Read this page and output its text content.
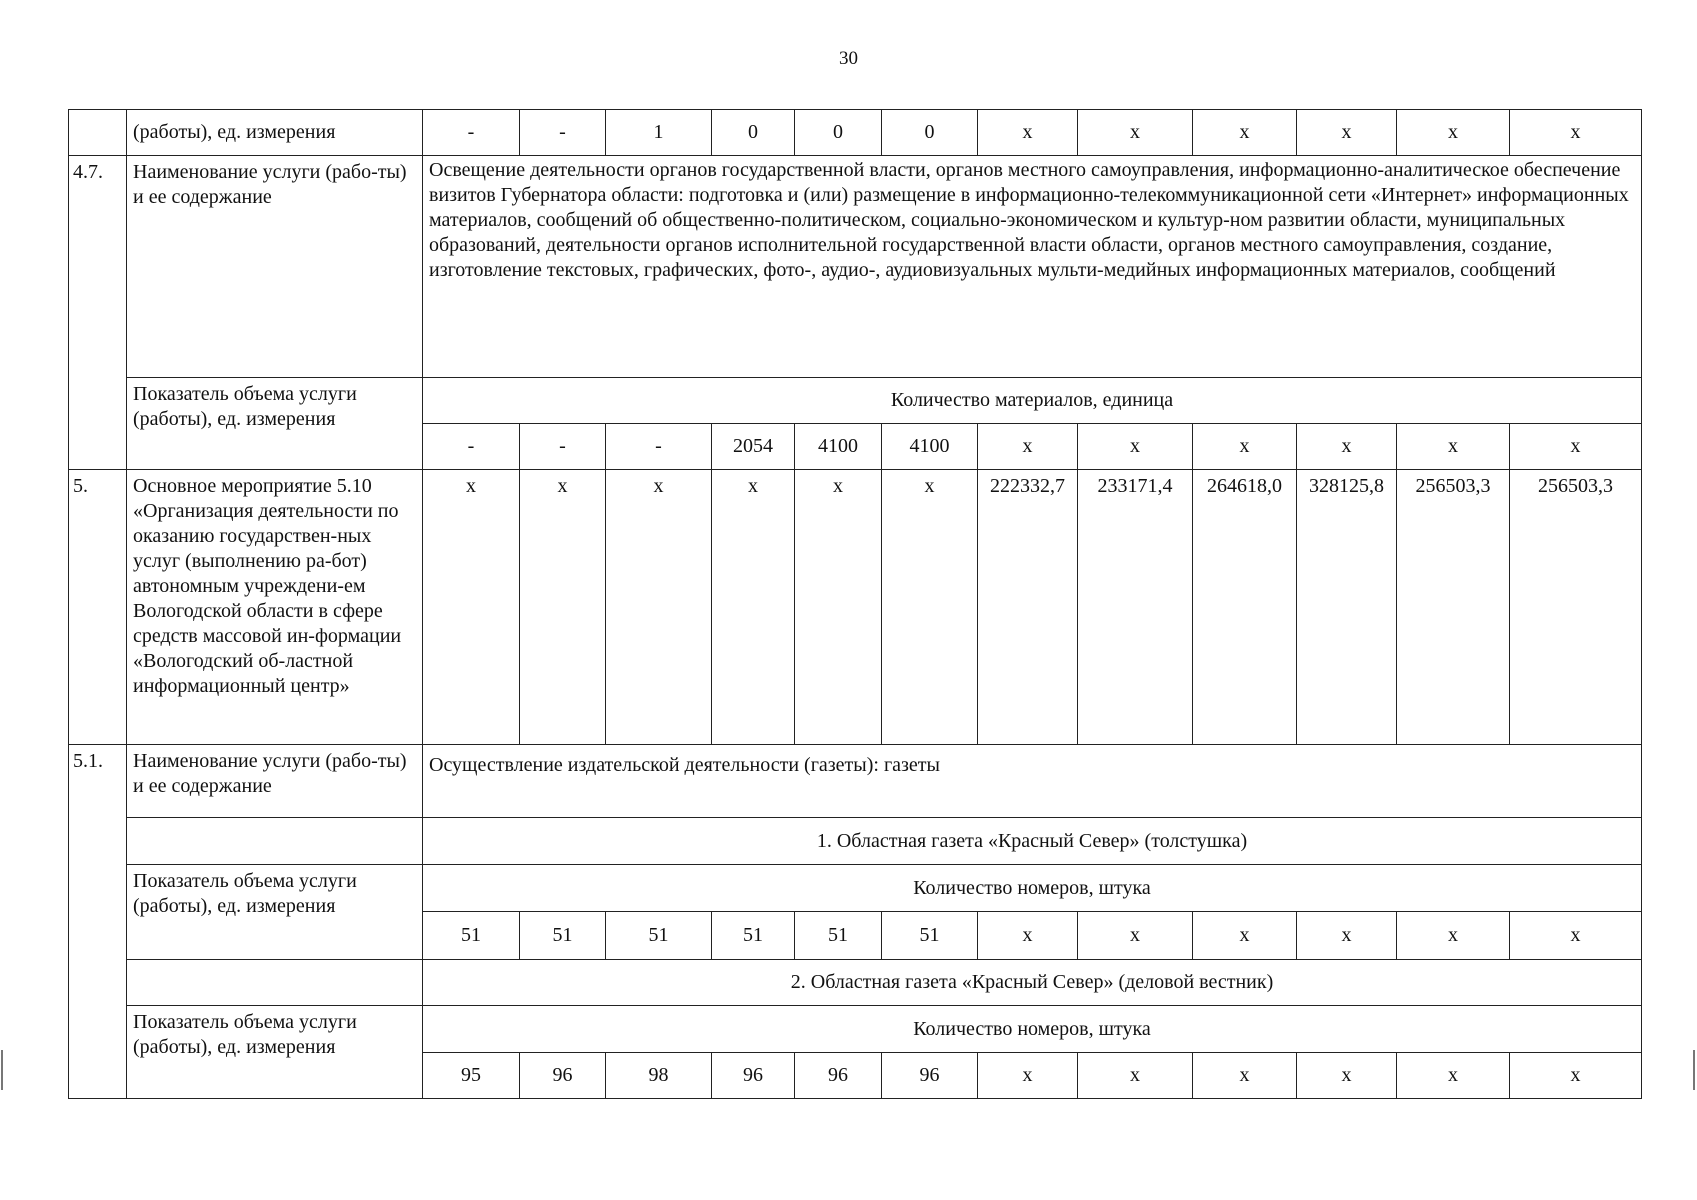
30
	(работы), ед. измерения	-	-	1	0	0	0	х	х	х	х	х	х
4.7.	Наименование услуги (рабо-ты) и ее содержание	Освещение деятельности органов государственной власти, органов местного самоуправления, информационно-аналитическое обеспечение визитов Губернатора области: подготовка и (или) размещение в информационно-телекоммуникационной сети «Интернет» информационных материалов, сообщений об общественно-политическом, социально-экономическом и культур-ном развитии области, муниципальных образований, деятельности органов исполнительной государственной власти области, органов местного самоуправления, создание, изготовление текстовых, графических, фото-, аудио-, аудиовизуальных мульти-медийных информационных материалов, сообщений											
	Показатель объема услуги (работы), ед. измерения	Количество материалов, единица											
		-	-	-	2054	4100	4100	х	х	х	х	х	х
5.	Основное мероприятие 5.10 «Организация деятельности по оказанию государствен-ных услуг (выполнению ра-бот) автономным учреждени-ем Вологодской области в сфере средств массовой ин-формации «Вологодский об-ластной информационный центр»	х	х	х	х	х	х	222332,7	233171,4	264618,0	328125,8	256503,3	256503,3
5.1.	Наименование услуги (рабо-ты) и ее содержание	Осуществление издательской деятельности (газеты): газеты											
		1. Областная газета «Красный Север» (толстушка)											
	Показатель объема услуги (работы), ед. измерения	Количество номеров, штука											
		51	51	51	51	51	51	х	х	х	х	х	х
		2. Областная газета «Красный Север» (деловой вестник)											
	Показатель объема услуги (работы), ед. измерения	Количество номеров, штука											
		95	96	98	96	96	96	х	х	х	х	х	х
